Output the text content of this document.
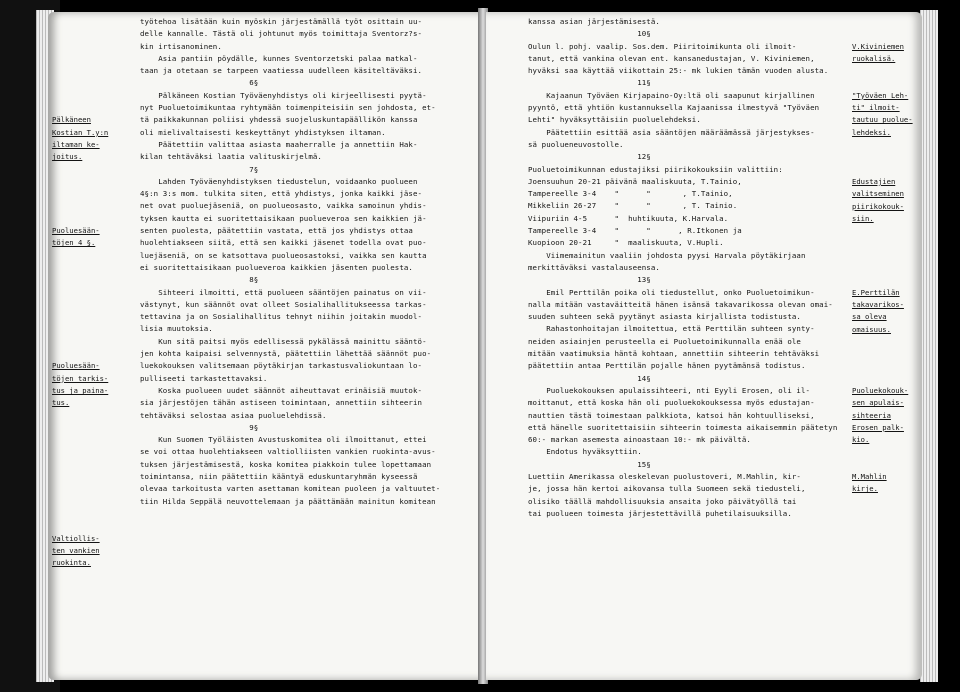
työtehoa lisätään kuin myöskin järjestämällä työt osittain uu-
delle kannalle. Tästä oli johtunut myös toimittaja Sventorz?s-
kin irtisanominen.
Asia pantiin pöydälle, kunnes Sventorzetski palaa matkal-
taan ja otetaan se tarpeen vaatiessa uudelleen käsiteltäväksi.
6§
Pälkäneen Kostian Työväenyhdistys oli kirjeellisesti pyytä-
nyt Puoluetoimikuntaa ryhtymään toimenpiteisiin sen johdosta, et-
tä paikkakunnan poliisi yhdessä suojeluskuntapäällikön kanssa
oli mielivaltaisesti keskeyttänyt yhdistyksen iltaman.
Päätettiin valittaa asiasta maaherralle ja annettiin Hak-
kilan tehtäväksi laatia valituskirjelmä.
7§
Lahden Työväenyhdistyksen tiedustelun, voidaanko puolueen
4§:n 3:s mom. tulkita siten, että yhdistys, jonka kaikki jäse-
net ovat puoluejäseniä, on puolueosasto, vaikka samoinun yhdis-
tyksen kautta ei suoritettaisikaan puolueveroa sen kaikkien jä-
senten puolesta, päätettiin vastata, että jos yhdistys ottaa
huolehtiakseen siitä, että sen kaikki jäsenet todella ovat puo-
luejäseniä, on se katsottava puolueosastoksi, vaikka sen kautta
ei suoritettaisikaan puolueveroa kaikkien jäsenten puolesta.
8§
Sihteeri ilmoitti, että puolueen sääntöjen painatus on vii-
västynyt, kun säännöt ovat olleet Sosialihallitukseessa tarkas-
tettavina ja on Sosialihallitus tehnyt niihin joitakin muodol-
lisia muutoksia.
Kun sitä paitsi myös edellisessä pykälässä mainittu sääntö-
jen kohta kaipaisi selvennystä, päätettiin lähettää säännöt puo-
luekokouksen valitsemaan pöytäkirjan tarkastusvaliokuntaan lo-
pulliseeti tarkastettavaksi.
Koska puolueen uudet säännöt aiheuttavat erinäisiä muutok-
sia järjestöjen tähän astiseen toimintaan, annettiin sihteerin
tehtäväksi selostaa asiaa puoluelehdissä.
9§
Kun Suomen Työläisten Avustuskomitea oli ilmoittanut, ettei
se voi ottaa huolehtiakseen valtiolliisten vankien ruokinta-avus-
tuksen järjestämisestä, koska komitea piakkoin tulee lopettamaan
toimintansa, niin päätettiin kääntyä eduskuntaryhmän kyseessä
olevaa tarkoitusta varten asettaman komitean puoleen ja valtuutet-
tiin Hilda Seppälä neuvottelemaan ja päättämään mainitun komitean
Pälkäneen
Kostian T.y:n
iltaman ke-
joitus.
Puoluesään-
töjen 4 §.
Puoluesään-
töjen tarkis-
tus ja paina-
tus.
Valtiollis-
ten vankien
ruokinta.
kanssa asian järjestämisestä.
10§
Oulun l. pohj. vaalip. Sos.dem. Piiritoimikunta oli ilmoit-
tanut, että vankina olevan ent. kansanedustajan, V. Kiviniemen,
hyväksi saa käyttää viikottain 25:- mk lukien tämän vuoden alusta.
11§
Kajaanun Työväen Kirjapaino-Oy:ltä oli saapunut kirjallinen
pyyntö, että yhtiön kustannuksella Kajaanissa ilmestyvä "Työväen
Lehti" hyväksyttäisiin puoluelehdeksi.
Päätettiin esittää asia sääntöjen määräämässä järjestykses-
sä puolueneuvostolle.
12§
Puoluetoimikunnan edustajiksi piirikokouksiin valittiin:
Joensuuhun 20-21 päivänä maaliskuuta, T.Tainio,
Tampereelle 3-4    "      "       , T.Tainio,
Mikkeliin 26-27    "      "       , T. Tainio.
Viipuriin 4-5      "  huhtikuuta, K.Harvala.
Tampereelle 3-4    "      "      , R.Itkonen ja
Kuopioon 20-21     "  maaliskuuta, V.Hupli.
Viimemainitun vaaliin johdosta pyysi Harvala pöytäkirjaan
merkittäväksi vastalauseensa.
13§
Emil Perttilän poika oli tiedustellut, onko Puoluetoimikun-
nalla mitään vastaväitteitä hänen isänsä takavarikossa olevan omai-
suuden suhteen sekä pyytänyt asiasta kirjallista todistusta.
Rahastonhoitajan ilmoitettua, että Perttilän suhteen synty-
neiden asiainjen perusteella ei Puoluetoimikunnalla enää ole
mitään vaatimuksia häntä kohtaan, annettiin sihteerin tehtäväksi
päätettiin antaa Perttilän pojalle hänen pyytämänsä todistus.
14§
Puoluekokouksen apulaissihteeri, nti Eyyli Erosen, oli il-
moittanut, että koska hän oli puoluekokouksessa myös edustajan-
nauttien tästä toimestaan palkkiota, katsoi hän kohtuulliseksi,
että hänelle suoritettaisiin sihteerin toimesta aikaisemmin päätetyn
60:- markan asemesta ainoastaan 10:- mk päivältä.
Endotus hyväksyttiin.
15§
Luettiin Amerikassa oleskelevan puolustoveri, M.Mahlin, kir-
je, jossa hän kertoi aikovansa tulla Suomeen sekä tiedusteli,
olisiko täällä mahdollisuuksia ansaita joko päivätyöllä tai
tai puolueen toimesta järjestettävillä puhetilaisuuksilla.
V.Kiviniemen
ruokalisä.
"Työväen Leh-
ti" ilmoit-
tautuu puolue-
lehdeksi.
Edustajien
valitseminen
piirikokouk-
siin.
E.Perttilän
takavarikos-
sa oleva
omaisuus.
Puoluekokouk-
sen apulais-
sihteeria
Erosen palk-
kio.
M.Mahlin
kirje.
